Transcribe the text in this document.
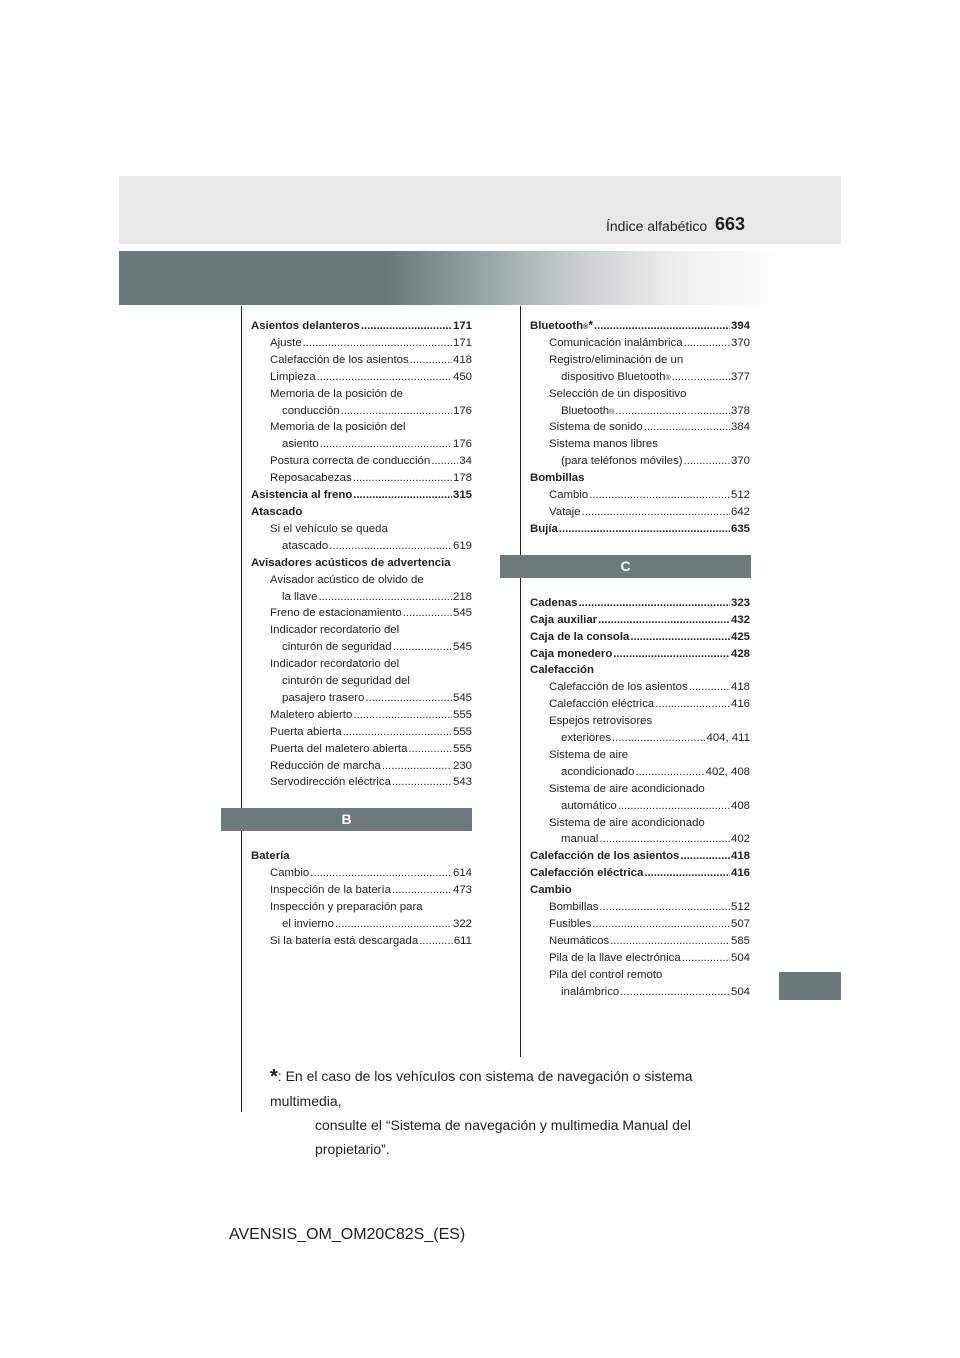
663
Índice alfabético
Asientos delanteros . . .	171
Ajuste . . .	171
Calefacción de los asientos . . .	418
Limpieza . . .	450
Memoria de la posición de
conducción . . .	176
Memoria de la posición del
asiento . . .	176
Postura correcta de conducción . . .	34
Reposacabezas . . .	178
Asistencia al freno . . .	315
Atascado
Si el vehículo se queda
atascado . . .	619
Avisadores acústicos de advertencia
Avisador acústico de olvido de
la llave . . .	218
Freno de estacionamiento . . .	545
Indicador recordatorio del
cinturón de seguridad . . .	545
Indicador recordatorio del
cinturón de seguridad del
pasajero trasero . . .	545
Maletero abierto . . .	555
Puerta abierta . . .	555
Puerta del maletero abierta . . .	555
Reducción de marcha . . .	230
Servodirección eléctrica . . .	543
B
Batería
Cambio . . .	614
Inspección de la batería . . .	473
Inspección y preparación para
el invierno . . .	322
Si la batería está descargada . . .	611
Bluetooth ® * . . .	394
Comunicación inalámbrica . . .	370
Registro/eliminación de un
dispositivo Bluetooth ® . . .	377
Selección de un dispositivo
Bluetooth ® . . .	378
Sistema de sonido . . .	384
Sistema manos libres
(para teléfonos móviles) . . .	370
Bombillas
Cambio . . .	512
Vataje . . .	642
Bujía . . .	635
C
Cadenas . . .	323
Caja auxiliar . . .	432
Caja de la consola . . .	425
Caja monedero . . .	428
Calefacción
Calefacción de los asientos . . .	418
Calefacción eléctrica . . .	416
Espejos retrovisores
exteriores . . .	404, 411
Sistema de aire
acondicionado . . .	402, 408
Sistema de aire acondicionado
automático . . .	408
Sistema de aire acondicionado
manual . . .	402
Calefacción de los asientos . . .	418
Calefacción eléctrica . . .	416
Cambio
Bombillas . . .	512
Fusibles . . .	507
Neumáticos . . .	585
Pila de la llave electrónica . . .	504
Pila del control remoto
inalámbrico . . .	504
*: En el caso de los vehículos con sistema de navegación o sistema multimedia,
consulte el “Sistema de navegación y multimedia Manual del propietario”.
AVENSIS_OM_OM20C82S_(ES)
